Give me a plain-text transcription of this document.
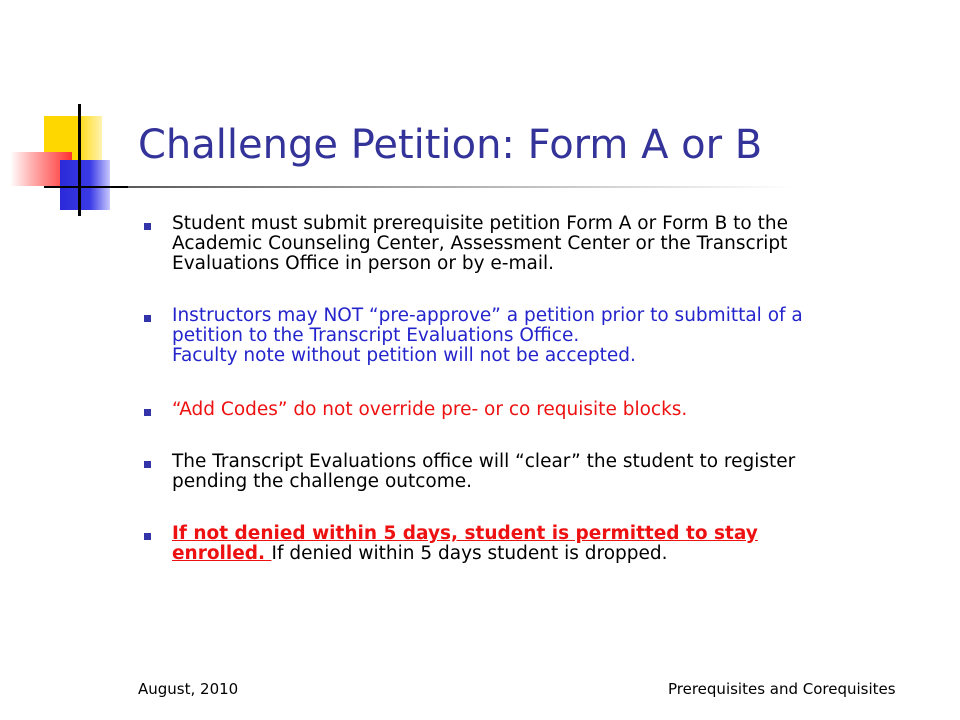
Challenge Petition: Form A or B
Student must submit prerequisite petition Form A or Form B to the
Academic Counseling Center, Assessment Center or the Transcript
Evaluations Office in person or by e-mail.
Instructors may NOT “pre-approve” a petition prior to submittal of a
petition to the Transcript Evaluations Office.
Faculty note without petition will not be accepted.
“Add Codes” do not override pre- or co requisite blocks.
The Transcript Evaluations office will “clear” the student to register
pending the challenge outcome.
If not denied within 5 days, student is permitted to stay
enrolled. If denied within 5 days student is dropped.
August, 2010	Prerequisites and Corequisites
